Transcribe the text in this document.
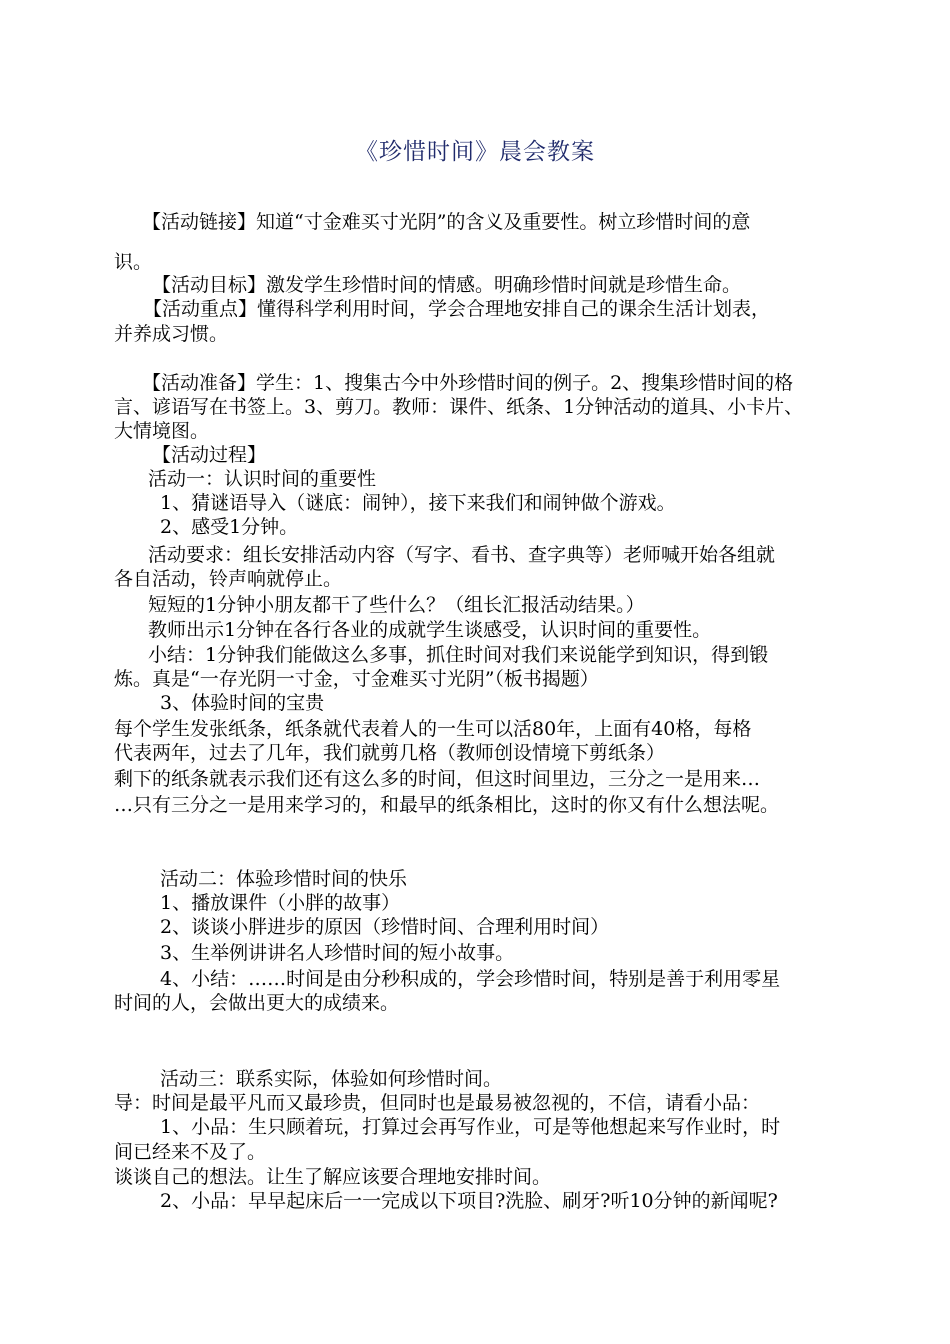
《珍惜时间》晨会教案
【活动链接】知道“寸金难买寸光阴”的含义及重要性。树立珍惜时间的意
识。
【活动目标】激发学生珍惜时间的情感。明确珍惜时间就是珍惜生命。
【活动重点】懂得科学利用时间，学会合理地安排自己的课余生活计划表，
并养成习惯。
【活动准备】学生：1、搜集古今中外珍惜时间的例子。2、搜集珍惜时间的格
言、谚语写在书签上。3、剪刀。教师：课件、纸条、1分钟活动的道具、小卡片、
大情境图。
【活动过程】
活动一：认识时间的重要性
1、猜谜语导入（谜底：闹钟），接下来我们和闹钟做个游戏。
2、感受1分钟。
活动要求：组长安排活动内容（写字、看书、查字典等）老师喊开始各组就
各自活动，铃声响就停止。
短短的1分钟小朋友都干了些什么？（组长汇报活动结果。）
教师出示1分钟在各行各业的成就学生谈感受，认识时间的重要性。
小结：1分钟我们能做这么多事，抓住时间对我们来说能学到知识，得到锻
炼。真是“一存光阴一寸金，寸金难买寸光阴”（板书揭题）
3、体验时间的宝贵
每个学生发张纸条，纸条就代表着人的一生可以活80年，上面有40格，每格
代表两年，过去了几年，我们就剪几格（教师创设情境下剪纸条）
剩下的纸条就表示我们还有这么多的时间，但这时间里边，三分之一是用来…
…只有三分之一是用来学习的，和最早的纸条相比，这时的你又有什么想法呢。
活动二：体验珍惜时间的快乐
1、播放课件（小胖的故事）
2、谈谈小胖进步的原因（珍惜时间、合理利用时间）
3、生举例讲讲名人珍惜时间的短小故事。
4、小结：……时间是由分秒积成的，学会珍惜时间，特别是善于利用零星
时间的人，会做出更大的成绩来。
活动三：联系实际，体验如何珍惜时间。
导：时间是最平凡而又最珍贵，但同时也是最易被忽视的，不信，请看小品：
1、小品：生只顾着玩，打算过会再写作业，可是等他想起来写作业时，时
间已经来不及了。
谈谈自己的想法。让生了解应该要合理地安排时间。
2、小品：早早起床后一一完成以下项目?洗脸、刷牙?听10分钟的新闻呢?
